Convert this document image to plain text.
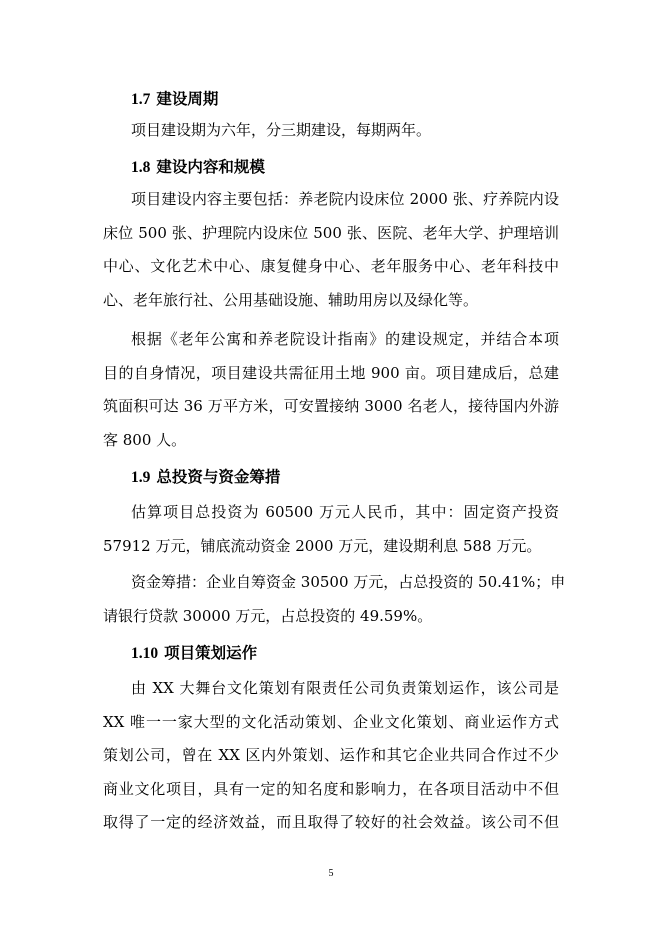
1.7 建设周期
项目建设期为六年，分三期建设，每期两年。
1.8 建设内容和规模
项目建设内容主要包括：养老院内设床位 2000 张、疗养院内设
床位 500 张、护理院内设床位 500 张、医院、老年大学、护理培训
中心、文化艺术中心、康复健身中心、老年服务中心、老年科技中
心、老年旅行社、公用基础设施、辅助用房以及绿化等。
根据《老年公寓和养老院设计指南》的建设规定，并结合本项
目的自身情况，项目建设共需征用土地 900 亩。项目建成后，总建
筑面积可达 36 万平方米，可安置接纳 3000 名老人，接待国内外游
客 800 人。
1.9 总投资与资金筹措
估算项目总投资为 60500 万元人民币，其中：固定资产投资
57912 万元，铺底流动资金 2000 万元，建设期利息 588 万元。
资金筹措：企业自筹资金 30500 万元，占总投资的 50.41%；申
请银行贷款 30000 万元，占总投资的 49.59%。
1.10 项目策划运作
由 XX 大舞台文化策划有限责任公司负责策划运作，该公司是
XX 唯一一家大型的文化活动策划、企业文化策划、商业运作方式
策划公司，曾在 XX 区内外策划、运作和其它企业共同合作过不少
商业文化项目，具有一定的知名度和影响力，在各项目活动中不但
取得了一定的经济效益，而且取得了较好的社会效益。该公司不但
5
